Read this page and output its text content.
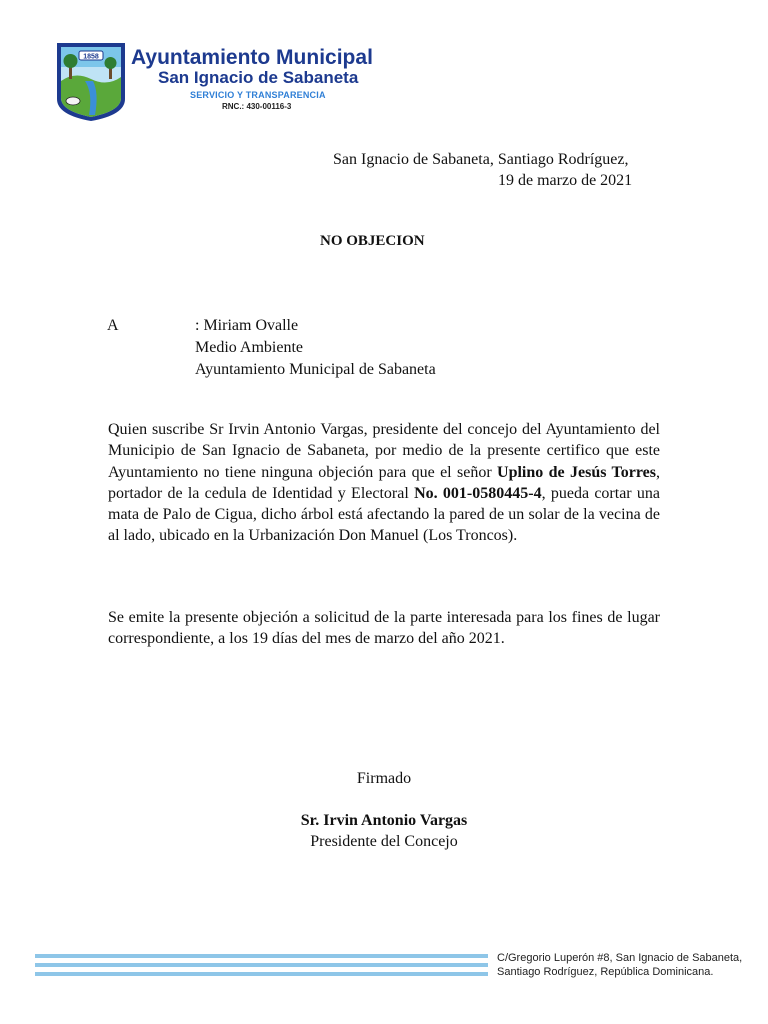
1858 Ayuntamiento Municipal
San Ignacio de Sabaneta
SERVICIO Y TRANSPARENCIA
RNC.: 430-00116-3
San Ignacio de Sabaneta, Santiago Rodríguez,
19 de marzo de 2021
NO OBJECION
A	: Miriam Ovalle
Medio Ambiente
Ayuntamiento Municipal de Sabaneta
Quien suscribe Sr Irvin Antonio Vargas, presidente del concejo del Ayuntamiento del Municipio de San Ignacio de Sabaneta, por medio de la presente certifico que este Ayuntamiento no tiene ninguna objeción para que el señor Uplino de Jesús Torres, portador de la cedula de Identidad y Electoral No. 001-0580445-4, pueda cortar una mata de Palo de Cigua, dicho árbol está afectando la pared de un solar de la vecina de al lado, ubicado en la Urbanización Don Manuel (Los Troncos).
Se emite la presente objeción a solicitud de la parte interesada para los fines de lugar correspondiente, a los 19 días del mes de marzo del año 2021.
Firmado
Sr. Irvin Antonio Vargas
Presidente del Concejo
C/Gregorio Luperón #8, San Ignacio de Sabaneta,
Santiago Rodríguez, República Dominicana.
